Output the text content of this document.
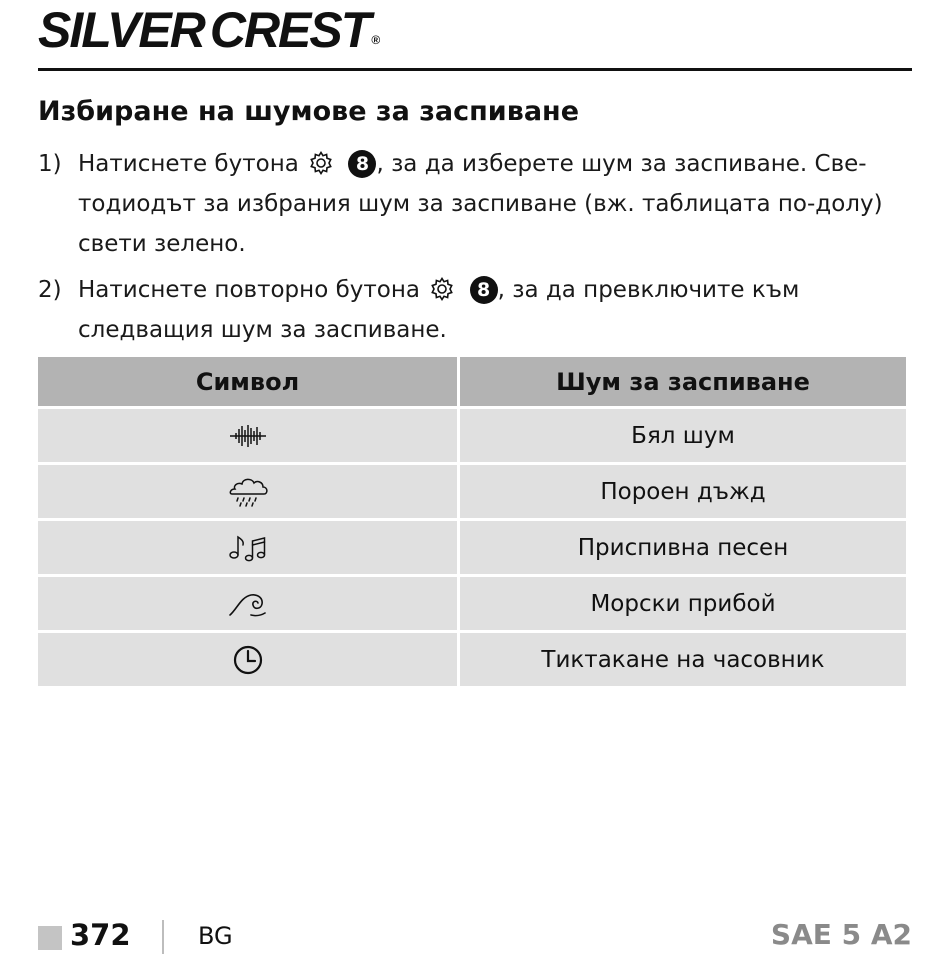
SILVER CREST ®
Избиране на шумове за заспиване
1) Натиснете бутона	8 , за да изберете шум за заспиване. Све-
тодиодът за избрания шум за заспиване (вж. таблицата по-долу)
свети зелено.
2) Натиснете повторно бутона	8 , за да превключите към
следващия шум за заспиване.
Символ	Шум за заспиване

	Бял шум

	Пороен дъжд

	Приспивна песен

	Морски прибой

	Тиктакане на часовник
372	BG	SAE 5 A2
